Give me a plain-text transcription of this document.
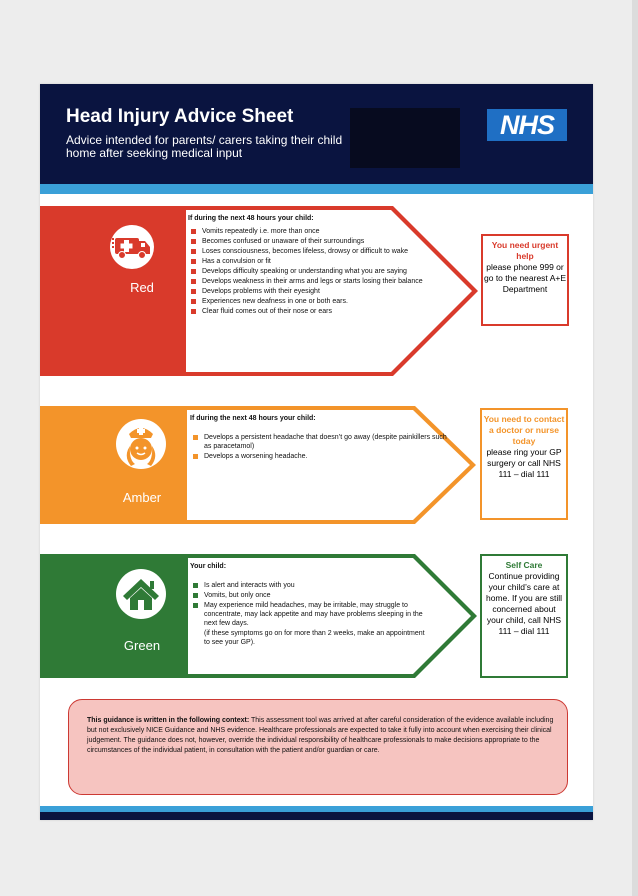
Head Injury Advice Sheet
Advice intended for parents/ carers taking their child home after seeking medical input
NHS
Red
If during the next 48 hours your child:
Vomits repeatedly i.e. more than once
Becomes confused or unaware of their surroundings
Loses consciousness, becomes lifeless, drowsy or difficult to wake
Has a convulsion or fit
Develops difficulty speaking or understanding what you are saying
Develops weakness in their arms and legs or starts losing their balance
Develops problems with their eyesight
Experiences new deafness in one or both ears.
Clear fluid comes out of their nose or ears
You need urgent help
please phone 999 or go to the nearest A+E Department
Amber
If during the next 48 hours your child:
Develops a persistent headache that doesn’t go away (despite painkillers such as paracetamol)
Develops a worsening headache.
You need to contact a doctor or nurse today
please ring your GP surgery or call NHS 111 – dial 111
Green
Your child:
Is alert and interacts with you
Vomits, but only once
May experience mild headaches, may be irritable, may struggle to concentrate, may lack appetite and may have problems sleeping in the next few days.
(if these symptoms go on for more than 2 weeks, make an appointment to see your GP).
Self Care
Continue providing your child’s care at home. If you are still concerned about your child, call NHS 111 – dial 111
This guidance is written in the following context: This assessment tool was arrived at after careful consideration of the evidence available including but not exclusively NICE Guidance and NHS evidence. Healthcare professionals are expected to take it fully into account when exercising their clinical judgement. The guidance does not, however, override the individual responsibility of healthcare professionals to make decisions appropriate to the circumstances of the individual patient, in consultation with the patient and/or guardian or care.
